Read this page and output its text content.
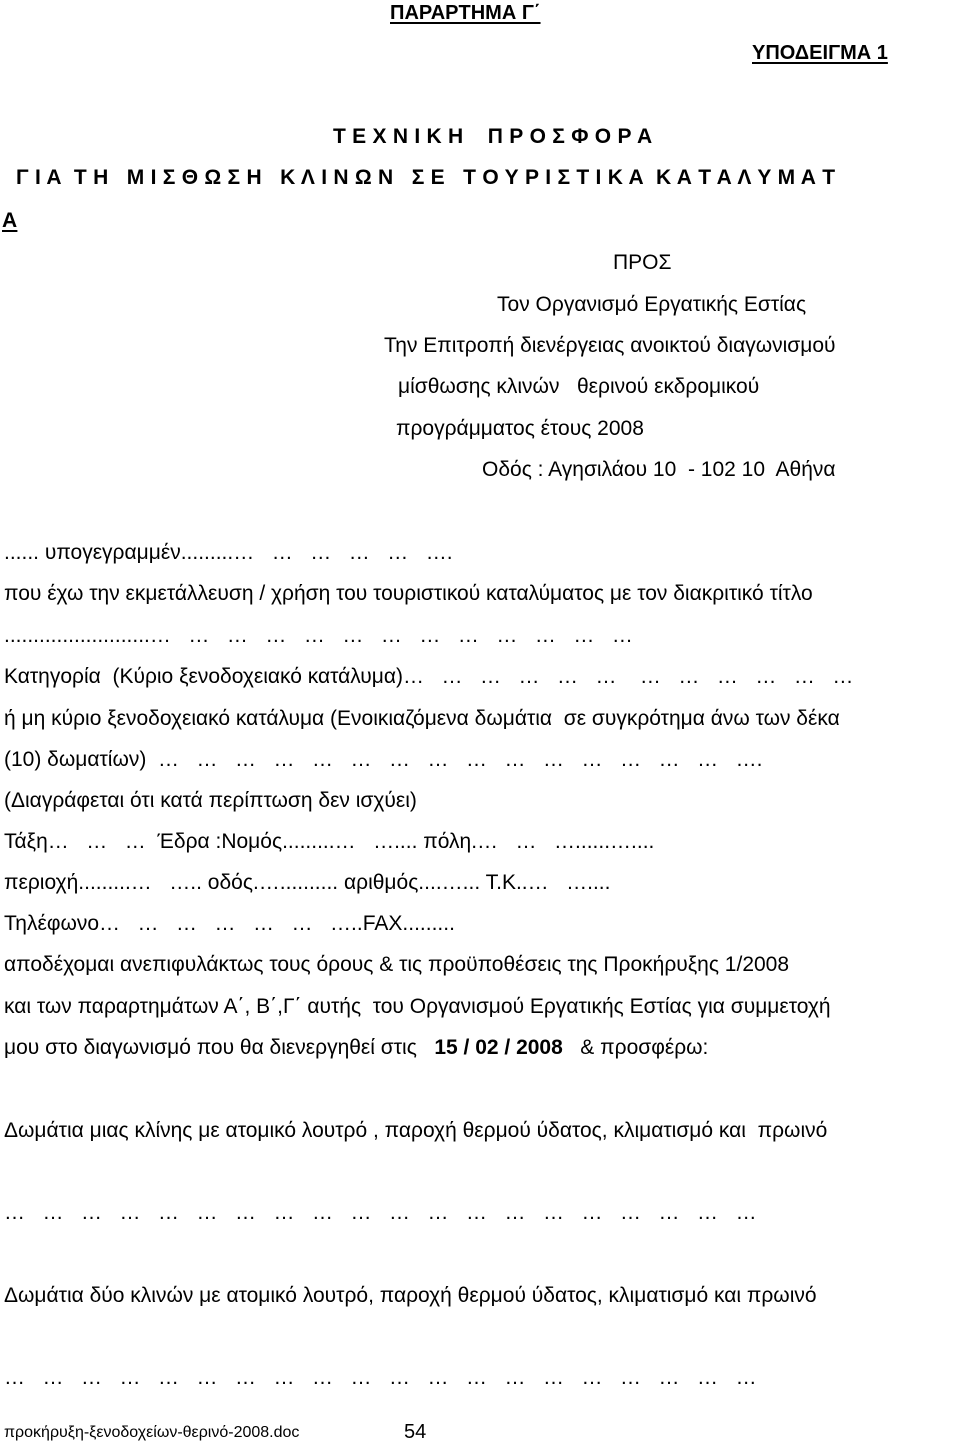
ΠΑΡΑΡΤΗΜΑ Γ΄
ΥΠΟΔΕΙΓΜΑ 1
Τ Ε Χ Ν Ι Κ Η    Π Ρ Ο Σ Φ Ο Ρ Α
Γ Ι Α  Τ Η   Μ Ι Σ Θ Ω Σ Η   Κ Λ Ι Ν Ω Ν   Σ Ε   Τ Ο Υ Ρ Ι Σ Τ Ι Κ Α  Κ Α Τ Α Λ Υ Μ Α Τ
Α
ΠΡΟΣ
Τον Οργανισμό Εργατικής Εστίας
Την Επιτροπή διενέργειας ανοικτού διαγωνισμού
μίσθωσης κλινών   θερινού εκδρομικού
προγράμματος έτους 2008
Οδός : Αγησιλάου 10  - 102 10  Αθήνα
...... υπογεγραμμέν.........…   …   …   …   …   ….
που έχω την εκμετάλλευση / χρήση του τουριστικού καταλύματος με τον διακριτικό τίτλο
.........................…   …   …   …   …   …   …   …   …   …   …   …   …
Κατηγορία  (Κύριο ξενοδοχειακό κατάλυμα)…   …   …   …   …   …    …   …   …   …   …   …
ή μη κύριο ξενοδοχειακό κατάλυμα (Ενοικιαζόμενα δωμάτια  σε συγκρότημα άνω των δέκα
(10) δωματίων)  …   …   …   …   …   …   …   …   …   …   …   …   …   …   …   ….
(Διαγράφεται ότι κατά περίπτωση δεν ισχύει)
Τάξη…   …   …  Έδρα :Νομός.........…   ….... πόλη.…   …   …......…....
περιοχή.........…   ….. οδός.….......... αριθμός....…... Τ.Κ..…   …....
Τηλέφωνο…   …   …   …   …   …   …..FAX.........
αποδέχομαι ανεπιφυλάκτως τους όρους & τις προϋποθέσεις της Προκήρυξης 1/2008
και των παραρτημάτων Α΄, Β΄,Γ΄ αυτής  του Οργανισμού Εργατικής Εστίας για συμμετοχή
μου στο διαγωνισμό που θα διενεργηθεί στις   15 / 02 / 2008   & προσφέρω:
Δωμάτια μιας κλίνης με ατομικό λουτρό , παροχή θερμού ύδατος, κλιματισμό και  πρωινό
…   …   …   …   …   …   …   …   …   …   …   …   …   …   …   …   …   …   …   …
Δωμάτια δύο κλινών με ατομικό λουτρό, παροχή θερμού ύδατος, κλιματισμό και πρωινό
…   …   …   …   …   …   …   …   …   …   …   …   …   …   …   …   …   …   …   …
προκήρυξη-ξενοδοχείων-θερινό-2008.doc	54
